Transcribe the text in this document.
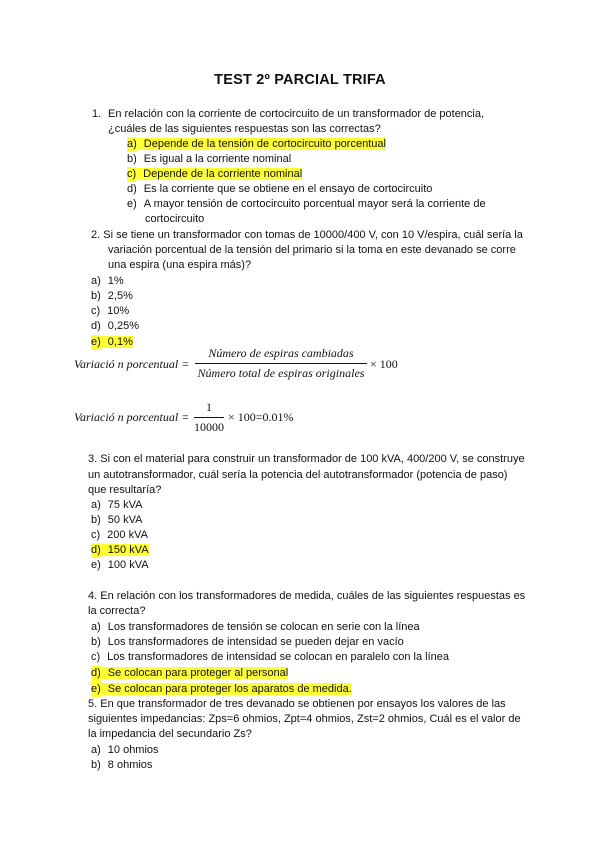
TEST 2º PARCIAL TRIFA
1. En relación con la corriente de cortocircuito de un transformador de potencia,
¿cuáles de las siguientes respuestas son las correctas?
a) Depende de la tensión de cortocircuito porcentual
b) Es igual a la corriente nominal
c) Depende de la corriente nominal
d) Es la corriente que se obtiene en el ensayo de cortocircuito
e) A mayor tensión de cortocircuito porcentual mayor será la corriente de
cortocircuito
2. Si se tiene un transformador con tomas de 10000/400 V, con 10 V/espira, cuál sería la
variación porcentual de la tensión del primario si la toma en este devanado se corre
una espira (una espira más)?
a) 1%
b) 2,5%
c) 10%
d) 0,25%
e) 0,1%
Variació n porcentual =
Número de espiras cambiadas
Número total de espiras originales
× 100
Variació n porcentual =
1
10000
× 100=0.01%
3. Si con el material para construir un transformador de 100 kVA, 400/200 V, se construye
un autotransformador, cuál sería la potencia del autotransformador (potencia de paso)
que resultaría?
a) 75 kVA
b) 50 kVA
c) 200 kVA
d) 150 kVA
e) 100 kVA
4. En relación con los transformadores de medida, cuáles de las siguientes respuestas es
la correcta?
a) Los transformadores de tensión se colocan en serie con la línea
b) Los transformadores de intensidad se pueden dejar en vacío
c) Los transformadores de intensidad se colocan en paralelo con la línea
d) Se colocan para proteger al personal
e) Se colocan para proteger los aparatos de medida.
5. En que transformador de tres devanado se obtienen por ensayos los valores de las
siguientes impedancias: Zps=6 ohmios, Zpt=4 ohmios, Zst=2 ohmios, Cuál es el valor de
la impedancia del secundario Zs?
a) 10 ohmios
b) 8 ohmios
